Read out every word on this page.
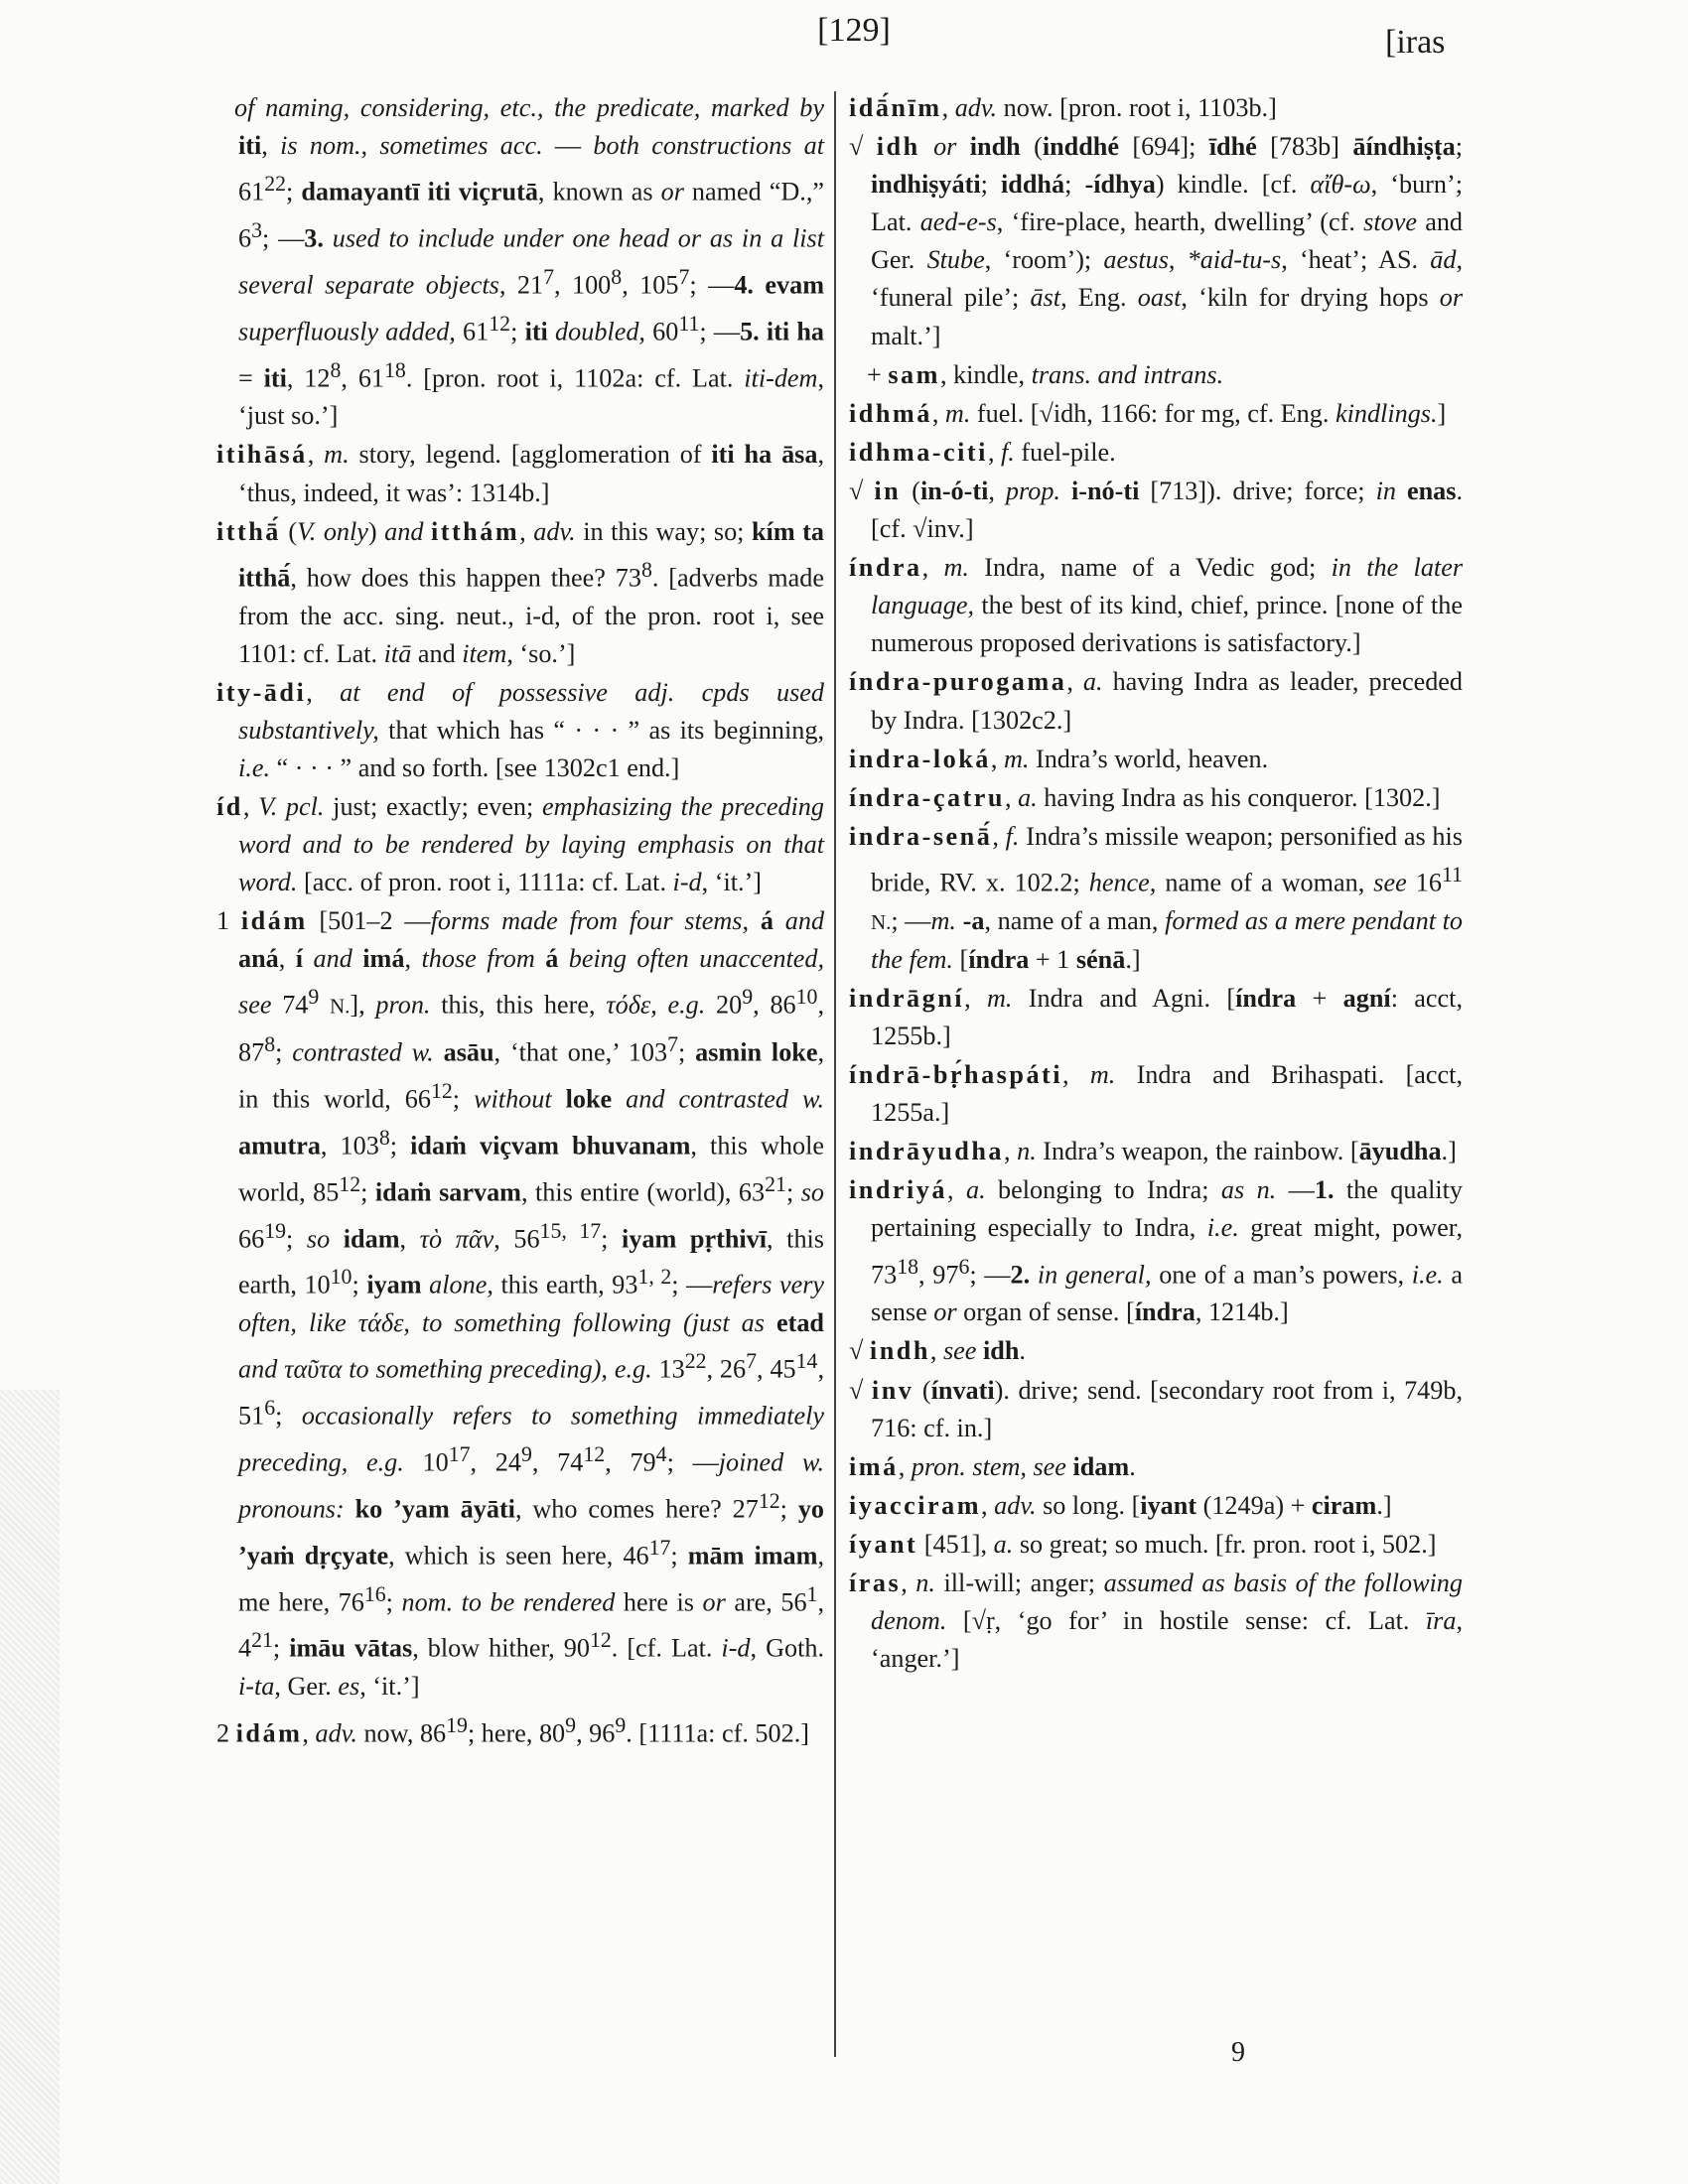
[129]	[iras

of naming, considering, etc., the predicate, marked by iti, is nom., sometimes acc. — both constructions at $61^{22}$; damayantī iti viçrutā, known as or named “D.,” $6^3$; —3. used to include under one head or as in a list several separate objects, $21^7$, $100^8$, $105^7$; —4. evam superfluously added, $61^{12}$; iti doubled, $60^{11}$; —5. iti ha = iti, $12^8$, $61^{18}$. [pron. root i, 1102a: cf. Lat. iti-dem, ‘just so.’]

itihāsá, m. story, legend. [agglomeration of iti ha āsa, ‘thus, indeed, it was’: 1314b.]

itthā́ (V. only) and itthám, adv. in this way; so; kím ta itthā́, how does this happen thee? $73^8$. [adverbs made from the acc. sing. neut., i-d, of the pron. root i, see 1101: cf. Lat. itā and item, ‘so.’]

ity-ādi, at end of possessive adj. cpds used substantively, that which has “ · · · ” as its beginning, i.e. “ · · · ” and so forth. [see 1302c1 end.]

íd, V. pcl. just; exactly; even; emphasizing the preceding word and to be rendered by laying emphasis on that word. [acc. of pron. root i, 1111a: cf. Lat. i-d, ‘it.’]

1 idám [501–2 —forms made from four stems, á and aná, í and imá, those from á being often unaccented, see $74^9$ N.], pron. this, this here, τόδε, e.g. $20^9$, $86^{10}$, $87^8$; contrasted w. asāu, ‘that one,’ $103^7$; asmin loke, in this world, $66^{12}$; without loke and contrasted w. amutra, $103^8$; idaṁ viçvam bhuvanam, this whole world, $85^{12}$; idaṁ sarvam, this entire (world), $63^{21}$; so $66^{19}$; so idam, τὸ πᾶν, 56$^{15, 17}$; iyam pṛthivī, this earth, $10^{10}$; iyam alone, this earth, 93$^{1, 2}$; —refers very often, like τάδε, to something following (just as etad and ταῦτα to something preceding), e.g. $13^{22}$, $26^7$, $45^{14}$, $51^6$; occasionally refers to something immediately preceding, e.g. $10^{17}$, $24^9$, $74^{12}$, $79^4$; —joined w. pronouns: ko ’yam āyāti, who comes here? $27^{12}$; yo ’yaṁ dṛçyate, which is seen here, $46^{17}$; mām imam, me here, $76^{16}$; nom. to be rendered here is or are, $56^1$, $4^{21}$; imāu vātas, blow hither, $90^{12}$. [cf. Lat. i-d, Goth. i-ta, Ger. es, ‘it.’]

2 idám, adv. now, $86^{19}$; here, $80^9$, $96^9$. [1111a: cf. 502.]

idā́nīm, adv. now. [pron. root i, 1103b.]

√ idh or indh (inddhé [694]; īdhé [783b] āíndhiṣṭa; indhiṣyáti; iddhá; -ídhya) kindle. [cf. αἴθ-ω, ‘burn’; Lat. aed-e-s, ‘fire-place, hearth, dwelling’ (cf. stove and Ger. Stube, ‘room’); aestus, *aid-tu-s, ‘heat’; AS. ād, ‘funeral pile’; āst, Eng. oast, ‘kiln for drying hops or malt.’]

+ sam, kindle, trans. and intrans.

idhmá, m. fuel. [√idh, 1166: for mg, cf. Eng. kindlings.]

idhma-citi, f. fuel-pile.

√ in (in-ó-ti, prop. i-nó-ti [713]). drive; force; in enas. [cf. √inv.]

índra, m. Indra, name of a Vedic god; in the later language, the best of its kind, chief, prince. [none of the numerous proposed derivations is satisfactory.]

índra-purogama, a. having Indra as leader, preceded by Indra. [1302c2.]

indra-loká, m. Indra’s world, heaven.

índra-çatru, a. having Indra as his conqueror. [1302.]

indra-senā́, f. Indra’s missile weapon; personified as his bride, RV. x. 102.2; hence, name of a woman, see $16^{11}$ N.; —m. -a, name of a man, formed as a mere pendant to the fem. [índra + 1 sénā.]

indrāgní, m. Indra and Agni. [índra + agní: acct, 1255b.]

índrā-bṛ́haspáti, m. Indra and Brihaspati. [acct, 1255a.]

indrāyudha, n. Indra’s weapon, the rainbow. [āyudha.]

indriyá, a. belonging to Indra; as n. —1. the quality pertaining especially to Indra, i.e. great might, power, $73^{18}$, $97^6$; —2. in general, one of a man’s powers, i.e. a sense or organ of sense. [índra, 1214b.]

√ indh, see idh.

√ inv (ínvati). drive; send. [secondary root from i, 749b, 716: cf. in.]

imá, pron. stem, see idam.

iyacciram, adv. so long. [iyant (1249a) + ciram.]

íyant [451], a. so great; so much. [fr. pron. root i, 502.]

íras, n. ill-will; anger; assumed as basis of the following denom. [√ṛ, ‘go for’ in hostile sense: cf. Lat. īra, ‘anger.’]

9
